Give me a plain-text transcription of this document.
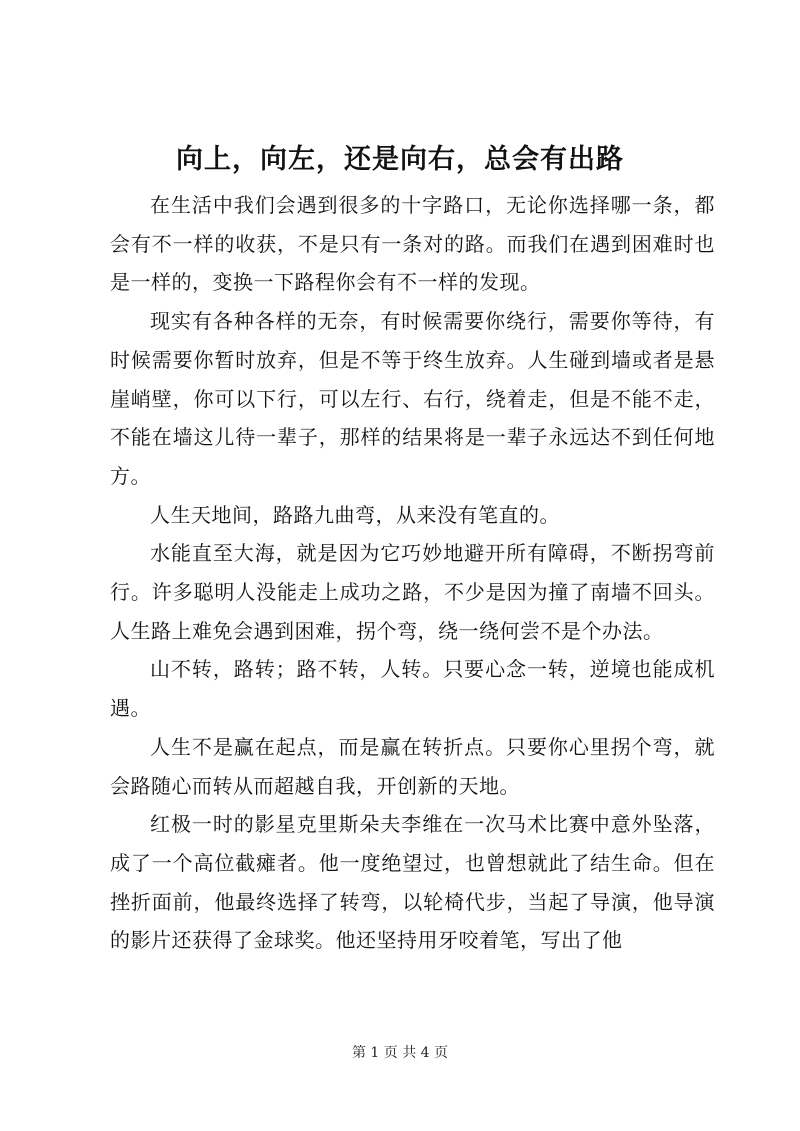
向上，向左，还是向右，总会有出路

在生活中我们会遇到很多的十字路口，无论你选择哪一条，都会有不一样的收获，不是只有一条对的路。而我们在遇到困难时也是一样的，变换一下路程你会有不一样的发现。

现实有各种各样的无奈，有时候需要你绕行，需要你等待，有时候需要你暂时放弃，但是不等于终生放弃。人生碰到墙或者是悬崖峭壁，你可以下行，可以左行、右行，绕着走，但是不能不走，不能在墙这儿待一辈子，那样的结果将是一辈子永远达不到任何地方。

人生天地间，路路九曲弯，从来没有笔直的。

水能直至大海，就是因为它巧妙地避开所有障碍，不断拐弯前行。许多聪明人没能走上成功之路，不少是因为撞了南墙不回头。人生路上难免会遇到困难，拐个弯，绕一绕何尝不是个办法。

山不转，路转；路不转，人转。只要心念一转，逆境也能成机遇。

人生不是赢在起点，而是赢在转折点。只要你心里拐个弯，就会路随心而转从而超越自我，开创新的天地。

红极一时的影星克里斯朵夫李维在一次马术比赛中意外坠落，成了一个高位截瘫者。他一度绝望过，也曾想就此了结生命。但在挫折面前，他最终选择了转弯，以轮椅代步，当起了导演，他导演的影片还获得了金球奖。他还坚持用牙咬着笔，写出了他

第 1 页 共 4 页
